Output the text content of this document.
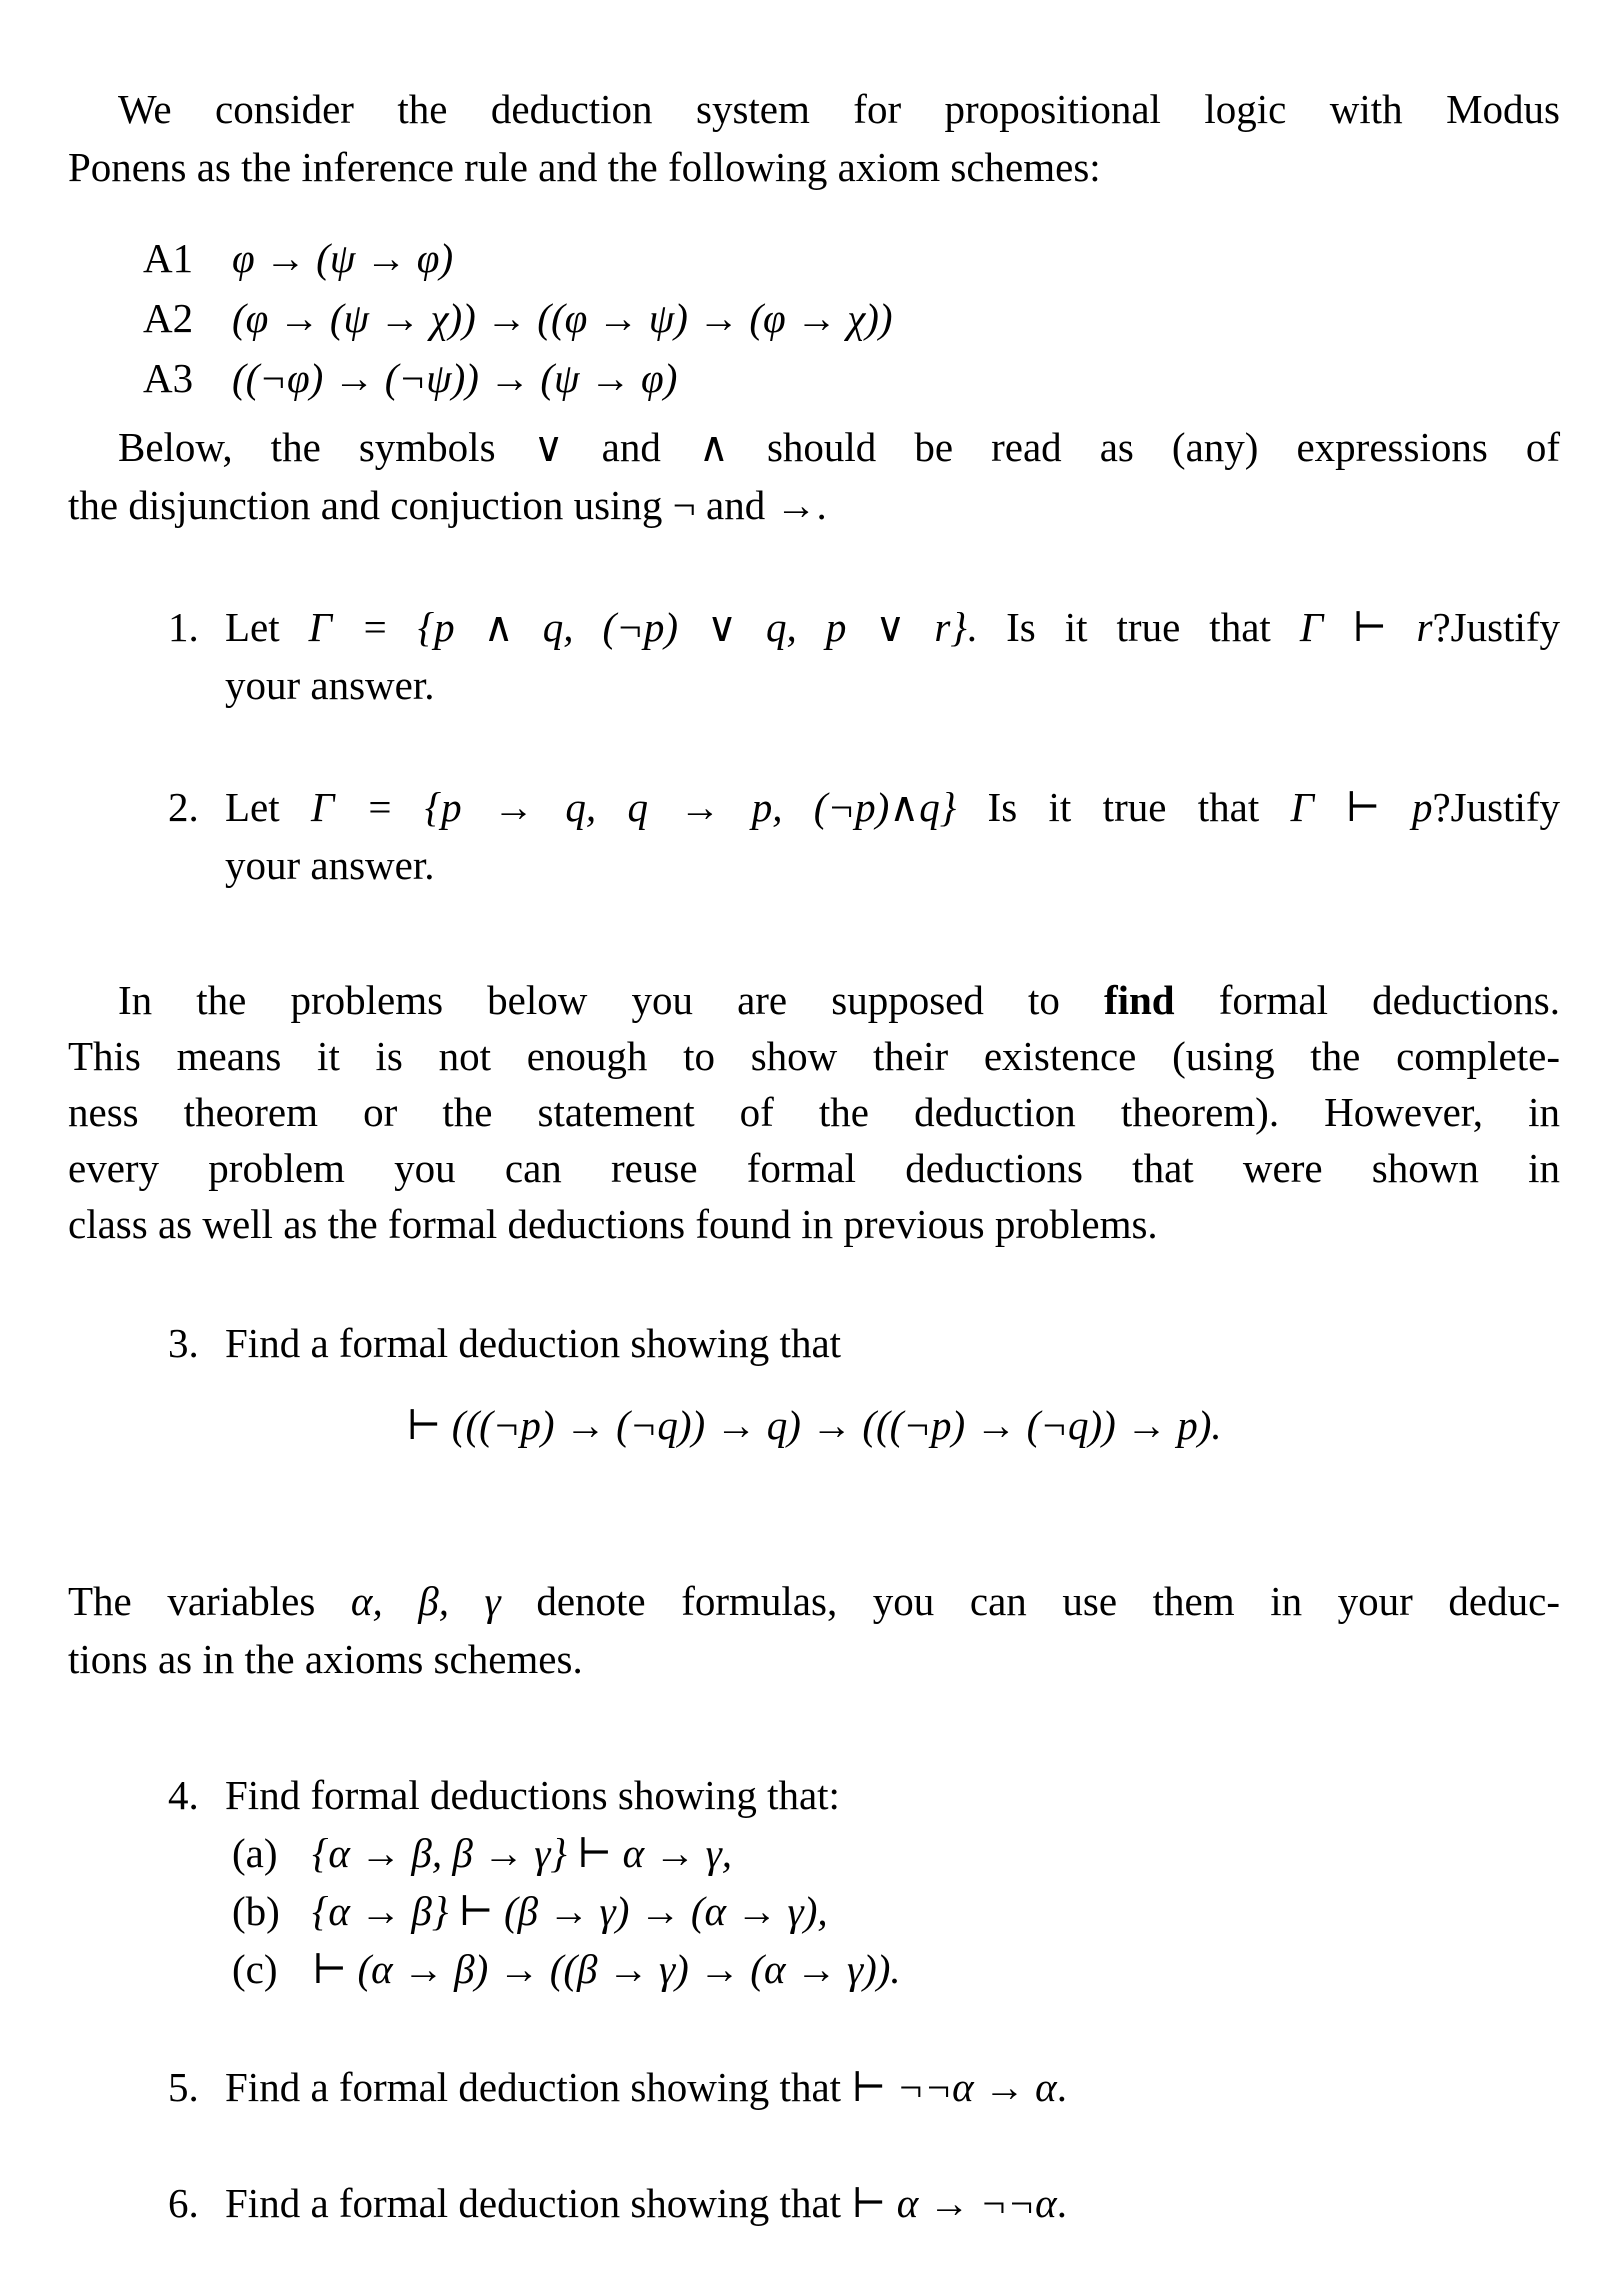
We consider the deduction system for propositional logic with Modus
Ponens as the inference rule and the following axiom schemes:
A1 φ → (ψ → φ)
A2 (φ → (ψ → χ)) → ((φ → ψ) → (φ → χ))
A3 ((¬φ) → (¬ψ)) → (ψ → φ)
Below, the symbols ∨ and ∧ should be read as (any) expressions of
the disjunction and conjuction using ¬ and →.
1. Let Γ = {p ∧ q, (¬p) ∨ q, p ∨ r}. Is it true that Γ ⊢ r?Justify
your answer.
2. Let Γ = {p → q, q → p, (¬p)∧q} Is it true that Γ ⊢ p?Justify
your answer.
In the problems below you are supposed to find formal deductions.
This means it is not enough to show their existence (using the complete-
ness theorem or the statement of the deduction theorem). However, in
every problem you can reuse formal deductions that were shown in
class as well as the formal deductions found in previous problems.
3. Find a formal deduction showing that
⊢ (((¬p) → (¬q)) → q) → (((¬p) → (¬q)) → p).
The variables α, β, γ denote formulas, you can use them in your deduc-
tions as in the axioms schemes.
4. Find formal deductions showing that:
(a) {α → β, β → γ} ⊢ α → γ,
(b) {α → β} ⊢ (β → γ) → (α → γ),
(c) ⊢ (α → β) → ((β → γ) → (α → γ)).
5. Find a formal deduction showing that ⊢ ¬¬α → α.
6. Find a formal deduction showing that ⊢ α → ¬¬α.
